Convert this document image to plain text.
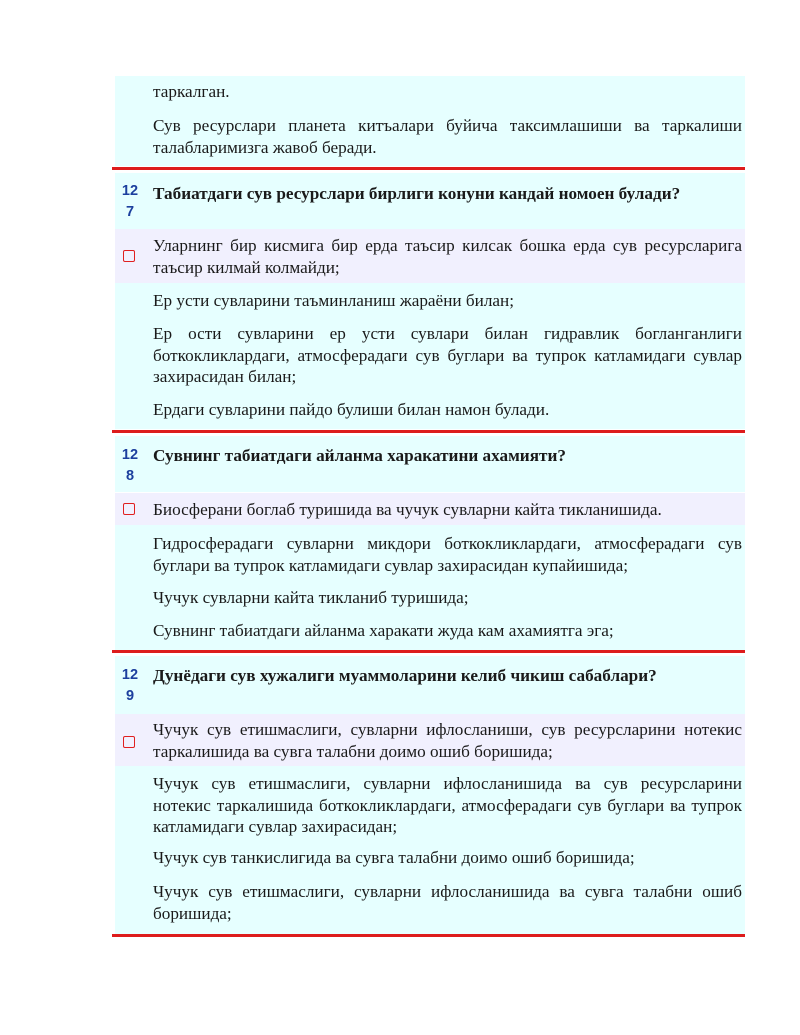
таркалган.
Сув ресурслари планета китъалари буйича таксимлашиши ва таркалиши талабларимизга жавоб беради.
12
7
Табиатдаги сув ресурслари бирлиги конуни кандай номоен булади?
Уларнинг бир кисмига бир ерда таъсир килсак бошка ерда сув ресурсларига таъсир килмай колмайди;
Ер усти сувларини таъминланиш жараёни билан;
Ер ости сувларини ер усти сувлари билан гидравлик богланганлиги боткокликлардаги, атмосферадаги сув буглари ва тупрок катламидаги сувлар захирасидан билан;
Ердаги сувларини пайдо булиши билан намон булади.
12
8
Сувнинг табиатдаги айланма харакатини ахамияти?
Биосферани боглаб туришида ва чучук сувларни кайта тикланишида.
Гидросферадаги сувларни микдори боткокликлардаги, атмосферадаги сув буглари ва тупрок катламидаги сувлар захирасидан купайишида;
Чучук сувларни кайта тикланиб туришида;
Сувнинг табиатдаги айланма харакати жуда кам ахамиятга эга;
12
9
Дунёдаги сув хужалиги муаммоларини келиб чикиш сабаблари?
Чучук сув етишмаслиги, сувларни ифлосланиши, сув ресурсларини нотекис таркалишида ва сувга талабни доимо ошиб боришида;
Чучук сув етишмаслиги, сувларни ифлосланишида ва сув ресурсларини нотекис таркалишида боткокликлардаги, атмосферадаги сув буглари ва тупрок катламидаги сувлар захирасидан;
Чучук сув танкислигида ва сувга талабни доимо ошиб боришида;
Чучук сув етишмаслиги, сувларни ифлосланишида ва сувга талабни ошиб боришида;
